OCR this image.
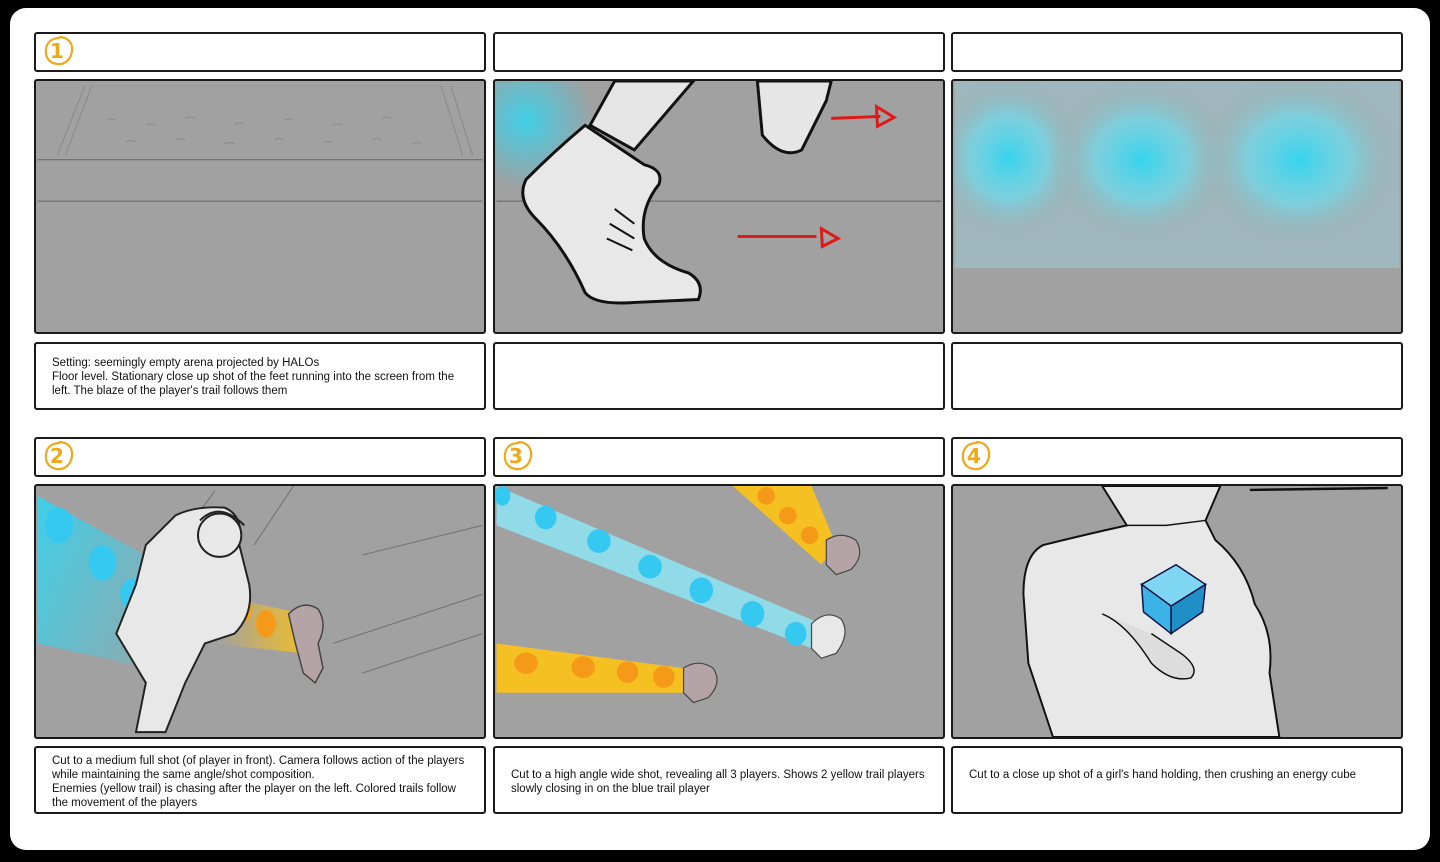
1
Setting: seemingly empty arena projected by HALOs
Floor level. Stationary close up shot of the feet running into the screen from the left. The blaze of the player's trail follows them
2	3	4
Cut to a medium full shot (of player in front). Camera follows action of the players while maintaining the same angle/shot composition.
Enemies (yellow trail) is chasing after the player on the left. Colored trails follow the movement of the players
Cut to a high angle wide shot, revealing all 3 players. Shows 2 yellow trail players
slowly closing in on the blue trail player
Cut to a close up shot of a girl's hand holding, then crushing an energy cube
